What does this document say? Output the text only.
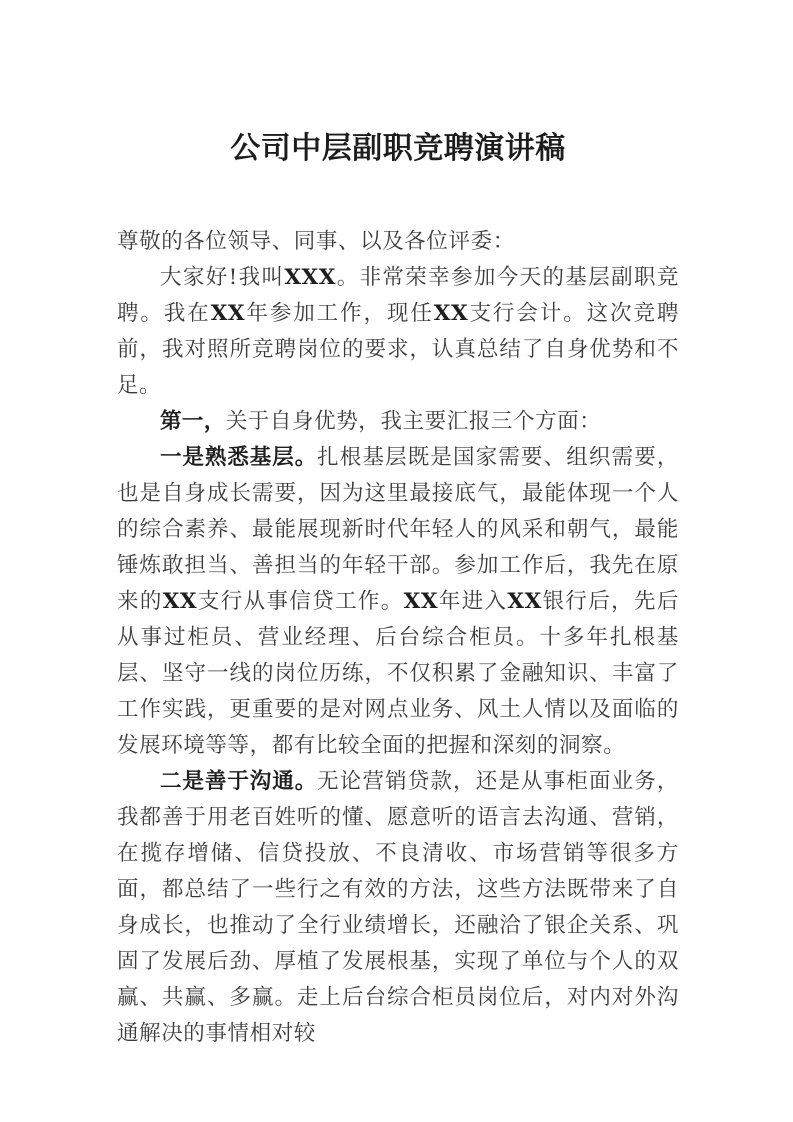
公司中层副职竞聘演讲稿

尊敬的各位领导、同事、以及各位评委：

大家好!我叫XXX。非常荣幸参加今天的基层副职竞聘。我在XX年参加工作，现任XX支行会计。这次竞聘前，我对照所竞聘岗位的要求，认真总结了自身优势和不足。

第一，关于自身优势，我主要汇报三个方面：

一是熟悉基层。扎根基层既是国家需要、组织需要，也是自身成长需要，因为这里最接底气，最能体现一个人的综合素养、最能展现新时代年轻人的风采和朝气，最能锤炼敢担当、善担当的年轻干部。参加工作后，我先在原来的XX支行从事信贷工作。XX年进入XX银行后，先后从事过柜员、营业经理、后台综合柜员。十多年扎根基层、坚守一线的岗位历练，不仅积累了金融知识、丰富了工作实践，更重要的是对网点业务、风土人情以及面临的发展环境等等，都有比较全面的把握和深刻的洞察。

二是善于沟通。无论营销贷款，还是从事柜面业务，我都善于用老百姓听的懂、愿意听的语言去沟通、营销，在揽存增储、信贷投放、不良清收、市场营销等很多方面，都总结了一些行之有效的方法，这些方法既带来了自身成长，也推动了全行业绩增长，还融洽了银企关系、巩固了发展后劲、厚植了发展根基，实现了单位与个人的双赢、共赢、多赢。走上后台综合柜员岗位后，对内对外沟通解决的事情相对较
